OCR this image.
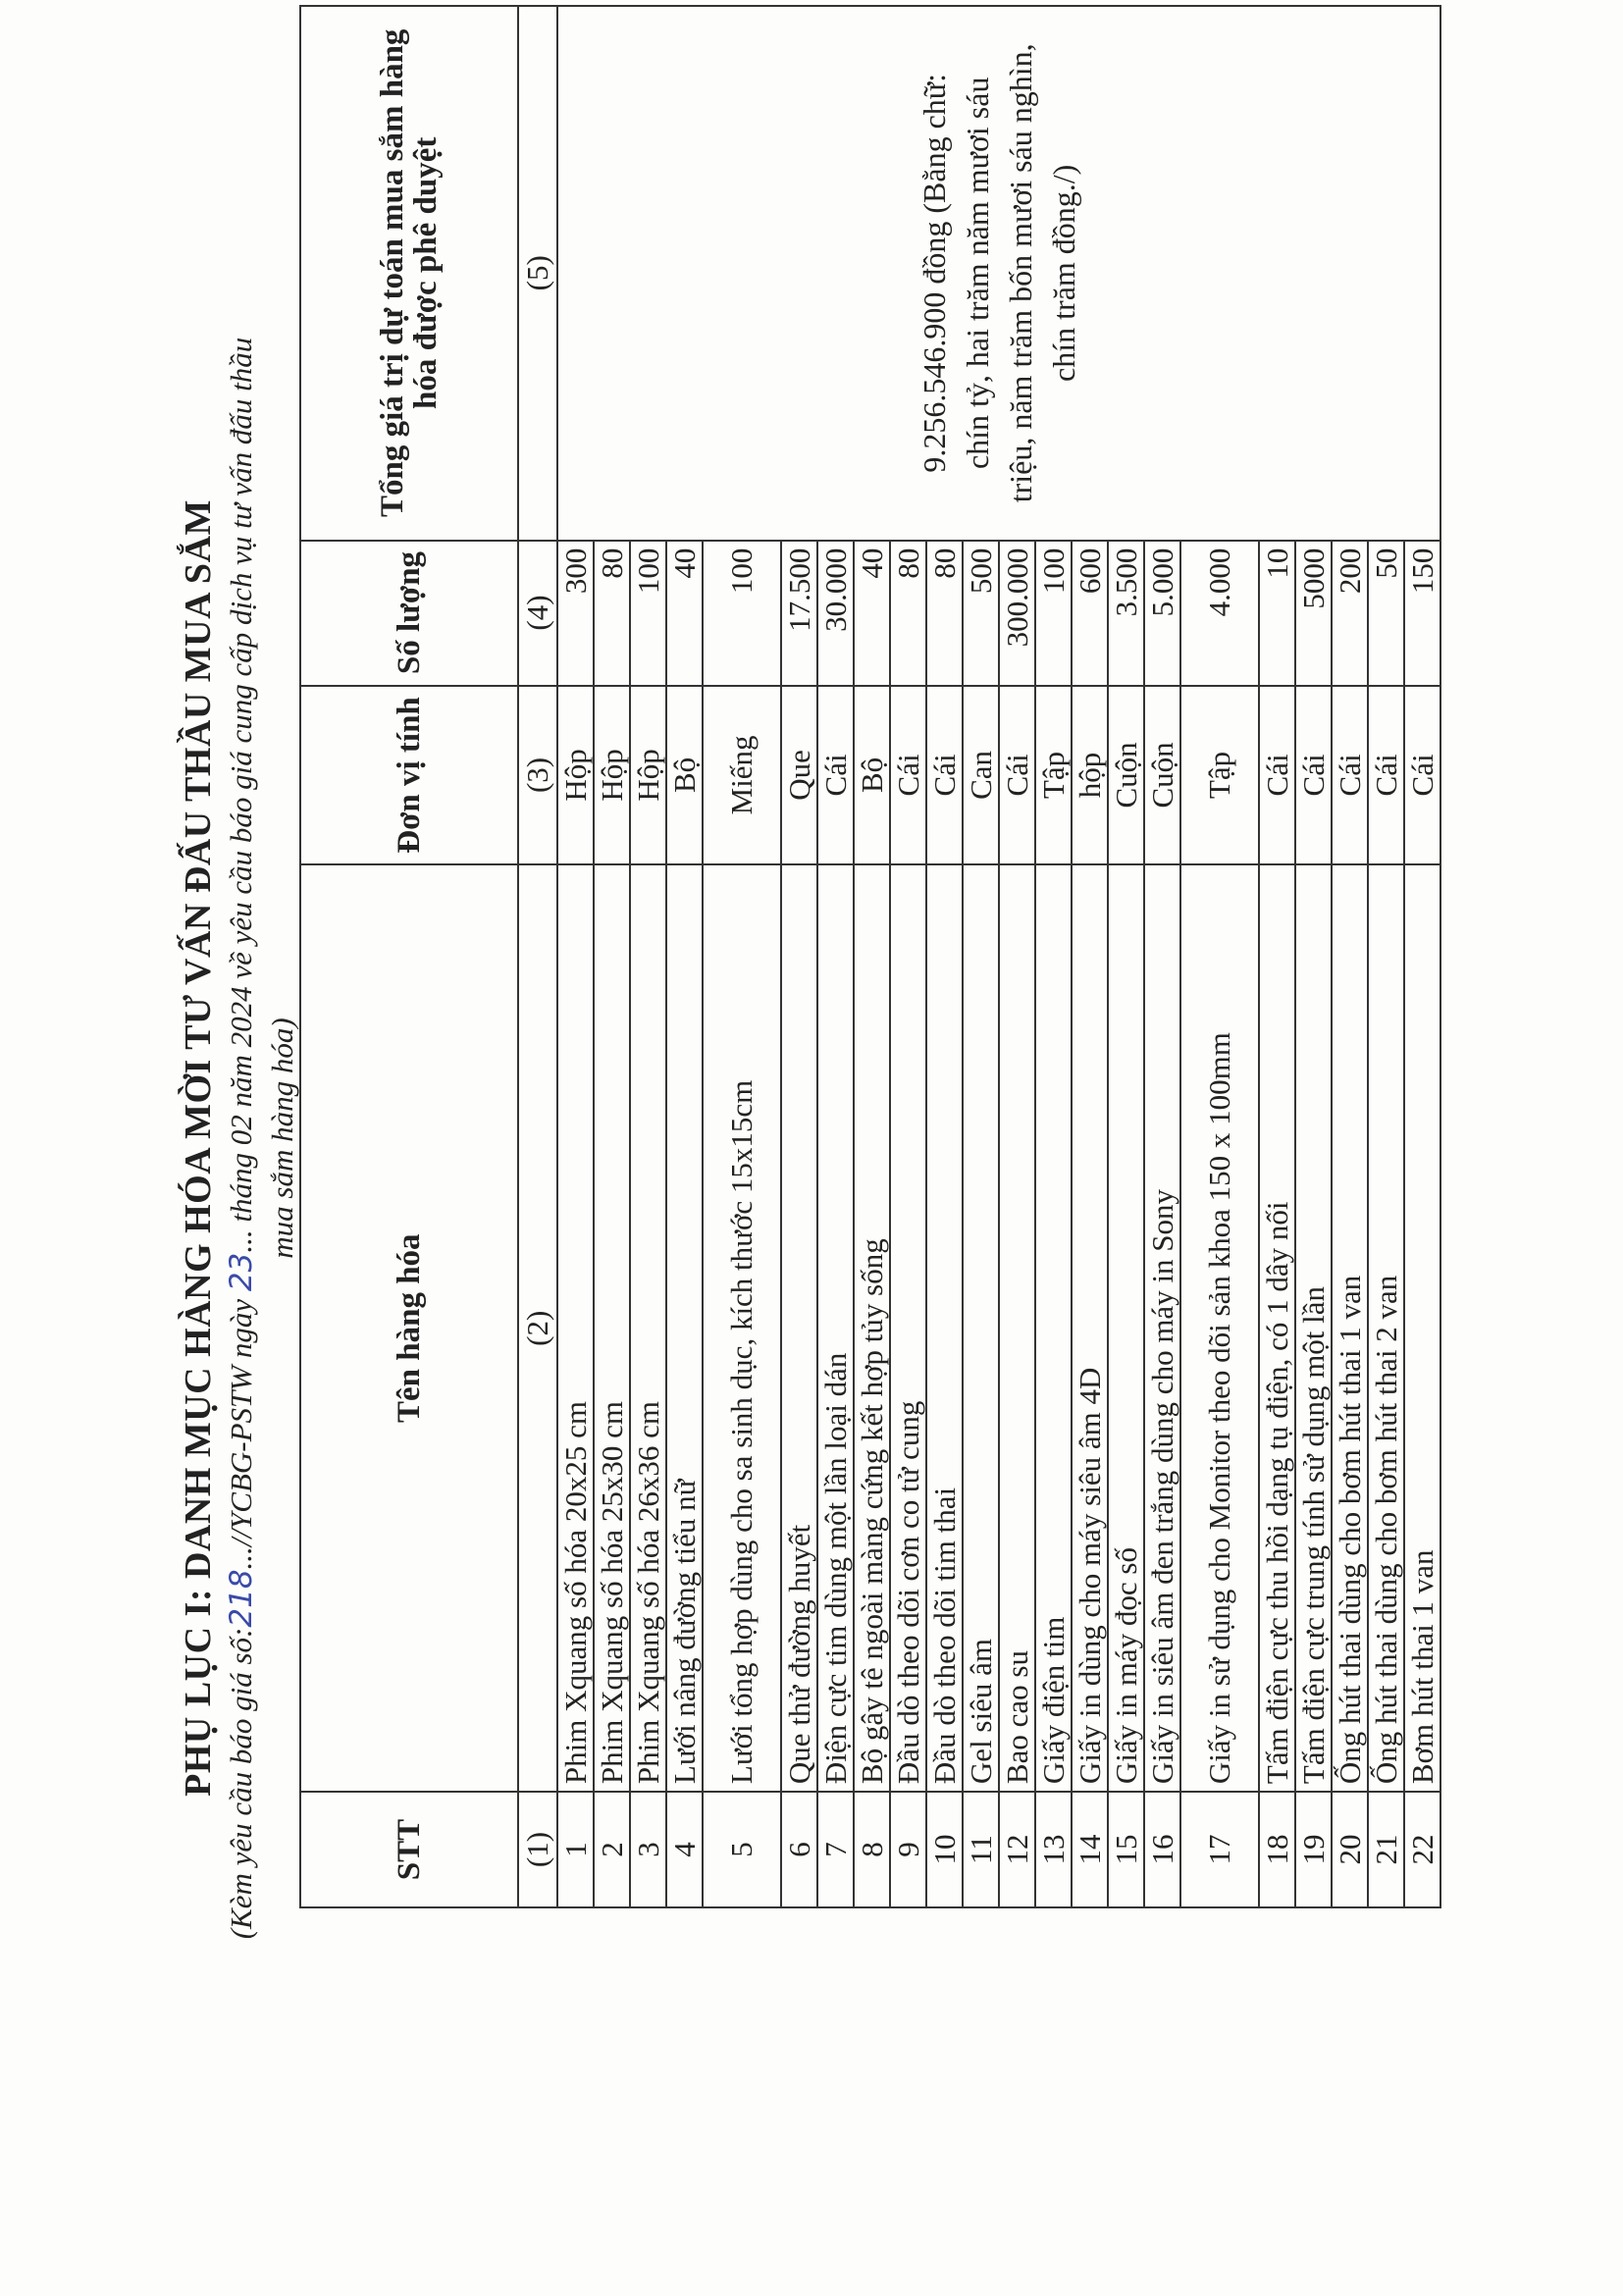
PHỤ LỤC I: DANH MỤC HÀNG HÓA MỜI TƯ VẤN ĐẤU THẦU MUA SẮM (Kèm yêu cầu báo giá số:218...//YCBG-PSTW ngày 23... tháng 02 năm 2024 về yêu cầu báo giá cung cấp dịch vụ tư vấn đấu thầu mua sắm hàng hóa)

STT	Tên hàng hóa	Đơn vị tính	Số lượng	Tổng giá trị dự toán mua sắm hàng hóa được phê duyệt
(1)	(2)	(3)	(4)	(5)
1	Phim Xquang số hóa 20x25 cm	Hộp	300	9.256.546.900 đồng (Bằng chữ: chín tỷ, hai trăm năm mươi sáu triệu, năm trăm bốn mươi sáu nghìn, chín trăm đồng./)

2	Phim Xquang số hóa 25x30 cm	Hộp	80	
3	Phim Xquang số hóa 26x36 cm	Hộp	100	
4	Lưới nâng đường tiểu nữ	Bộ	40	
5	Lưới tổng hợp dùng cho sa sinh dục, kích thước 15x15cm	Miếng	100	
6	Que thử đường huyết	Que	17.500	
7	Điện cực tim dùng một lần loại dán	Cái	30.000	
8	Bộ gây tê ngoài màng cứng kết hợp tủy sống	Bộ	40	
9	Đầu dò theo dõi cơn co tử cung	Cái	80	
10	Đầu dò theo dõi tim thai	Cái	80	
11	Gel siêu âm	Can	500	
12	Bao cao su	Cái	300.000	
13	Giấy điện tim	Tập	100	
14	Giấy in dùng cho máy siêu âm 4D	hộp	600	
15	Giấy in máy đọc số	Cuộn	3.500	
16	Giấy in siêu âm đen trắng dùng cho máy in Sony	Cuộn	5.000	
17	Giấy in sử dụng cho Monitor theo dõi sản khoa 150 x 100mm	Tập	4.000	
18	Tấm điện cực thu hồi dạng tụ điện, có 1 dây nối	Cái	10	
19	Tấm điện cực trung tính sử dụng một lần	Cái	5000	
20	Ống hút thai dùng cho bơm hút thai 1 van	Cái	200	
21	Ống hút thai dùng cho bơm hút thai 2 van	Cái	50	
22	Bơm hút thai 1 van	Cái	150	
